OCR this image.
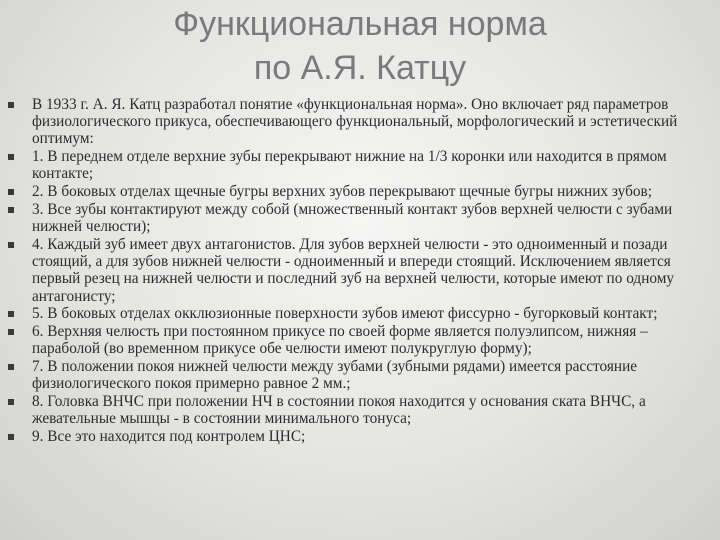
Функциональная норма
по А.Я. Катцу
В 1933 г. А. Я. Катц разработал понятие «функциональная норма». Оно включает ряд параметров физиологического прикуса, обеспечивающего функциональный, морфологический и эстетический оптимум:
1. В переднем отделе верхние зубы перекрывают нижние на 1/3 коронки или находится в прямом контакте;
2. В боковых отделах щечные бугры верхних зубов перекрывают щечные бугры нижних зубов;
3. Все зубы контактируют между собой (множественный контакт зубов верхней челюсти с зубами нижней челюсти);
4. Каждый зуб имеет двух антагонистов. Для зубов верхней челюсти - это одноименный и позади стоящий, а для зубов нижней челюсти - одноименный и впереди стоящий. Исключением является первый резец на нижней челюсти и последний зуб на верхней челюсти, которые имеют по одному антагонисту;
5. В боковых отделах окклюзионные поверхности зубов имеют фиссурно - бугорковый контакт;
6. Верхняя челюсть при постоянном прикусе по своей форме является полуэлипсом, нижняя – параболой (во временном прикусе обе челюсти имеют полукруглую форму);
7. В положении покоя нижней челюсти между зубами (зубными рядами) имеется расстояние физиологического покоя примерно равное 2 мм.;
8. Головка ВНЧС при положении НЧ в состоянии покоя находится у основания ската ВНЧС, а жевательные мышцы - в состоянии минимального тонуса;
9. Все это находится под контролем ЦНС;
